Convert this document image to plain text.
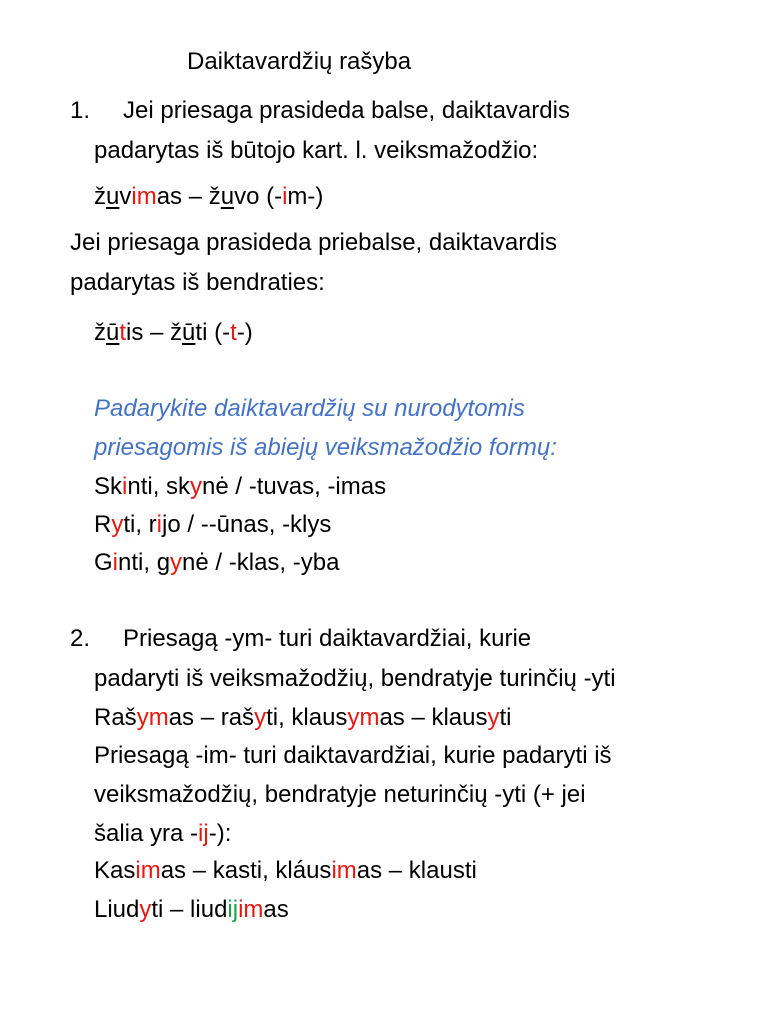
Daiktavardžių rašyba
1. Jei priesaga prasideda balse, daiktavardis
padarytas iš būtojo kart. l. veiksmažodžio:
žuvimas – žuvo (-im-)
Jei priesaga prasideda priebalse, daiktavardis
padarytas iš bendraties:
žūtis – žūti (-t-)
Padarykite daiktavardžių su nurodytomis
priesagomis iš abiejų veiksmažodžio formų:
Skinti, skynė / -tuvas, -imas
Ryti, rijo / --ūnas, -klys
Ginti, gynė / -klas, -yba
2. Priesagą -ym- turi daiktavardžiai, kurie
padaryti iš veiksmažodžių, bendratyje turinčių -yti
Rašymas – rašyti, klausymas – klausyti
Priesagą -im- turi daiktavardžiai, kurie padaryti iš
veiksmažodžių, bendratyje neturinčių -yti (+ jei
šalia yra -ij-):
Kasimas – kasti, kláusimas – klausti
Liudyti – liudijimas
